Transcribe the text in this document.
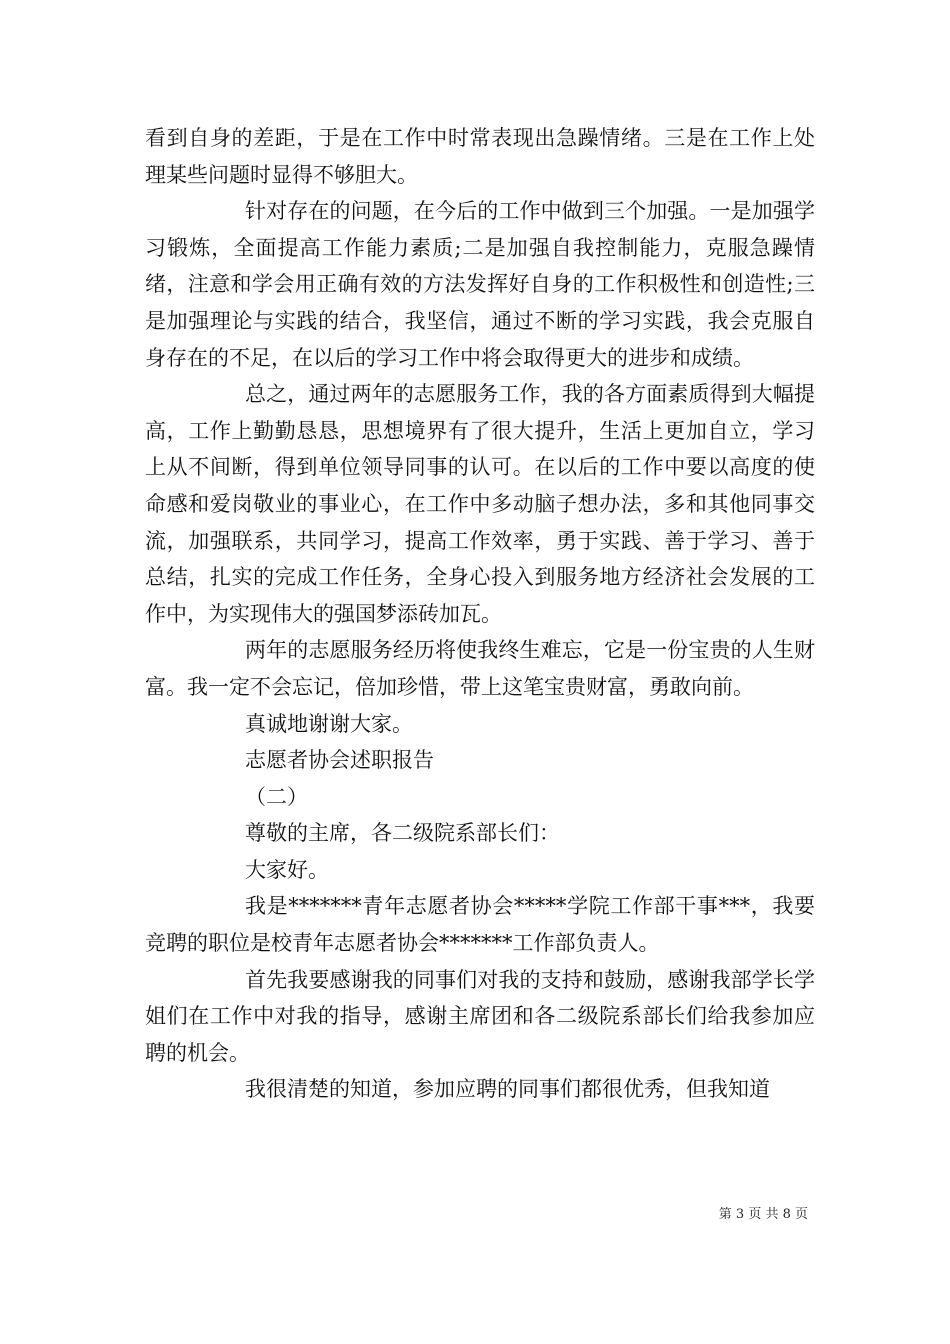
看到自身的差距，于是在工作中时常表现出急躁情绪。三是在工作上处理某些问题时显得不够胆大。

针对存在的问题，在今后的工作中做到三个加强。一是加强学习锻炼，全面提高工作能力素质;二是加强自我控制能力，克服急躁情绪，注意和学会用正确有效的方法发挥好自身的工作积极性和创造性;三是加强理论与实践的结合，我坚信，通过不断的学习实践，我会克服自身存在的不足，在以后的学习工作中将会取得更大的进步和成绩。

总之，通过两年的志愿服务工作，我的各方面素质得到大幅提高，工作上勤勤恳恳，思想境界有了很大提升，生活上更加自立，学习上从不间断，得到单位领导同事的认可。在以后的工作中要以高度的使命感和爱岗敬业的事业心，在工作中多动脑子想办法，多和其他同事交流，加强联系，共同学习，提高工作效率，勇于实践、善于学习、善于总结，扎实的完成工作任务，全身心投入到服务地方经济社会发展的工作中，为实现伟大的强国梦添砖加瓦。

两年的志愿服务经历将使我终生难忘，它是一份宝贵的人生财富。我一定不会忘记，倍加珍惜，带上这笔宝贵财富，勇敢向前。

真诚地谢谢大家。

志愿者协会述职报告

（二）

尊敬的主席，各二级院系部长们：

大家好。

我是*******青年志愿者协会*****学院工作部干事***，我要竞聘的职位是校青年志愿者协会*******工作部负责人。

首先我要感谢我的同事们对我的支持和鼓励，感谢我部学长学姐们在工作中对我的指导，感谢主席团和各二级院系部长们给我参加应聘的机会。

我很清楚的知道，参加应聘的同事们都很优秀，但我知道

第 3 页 共 8 页
